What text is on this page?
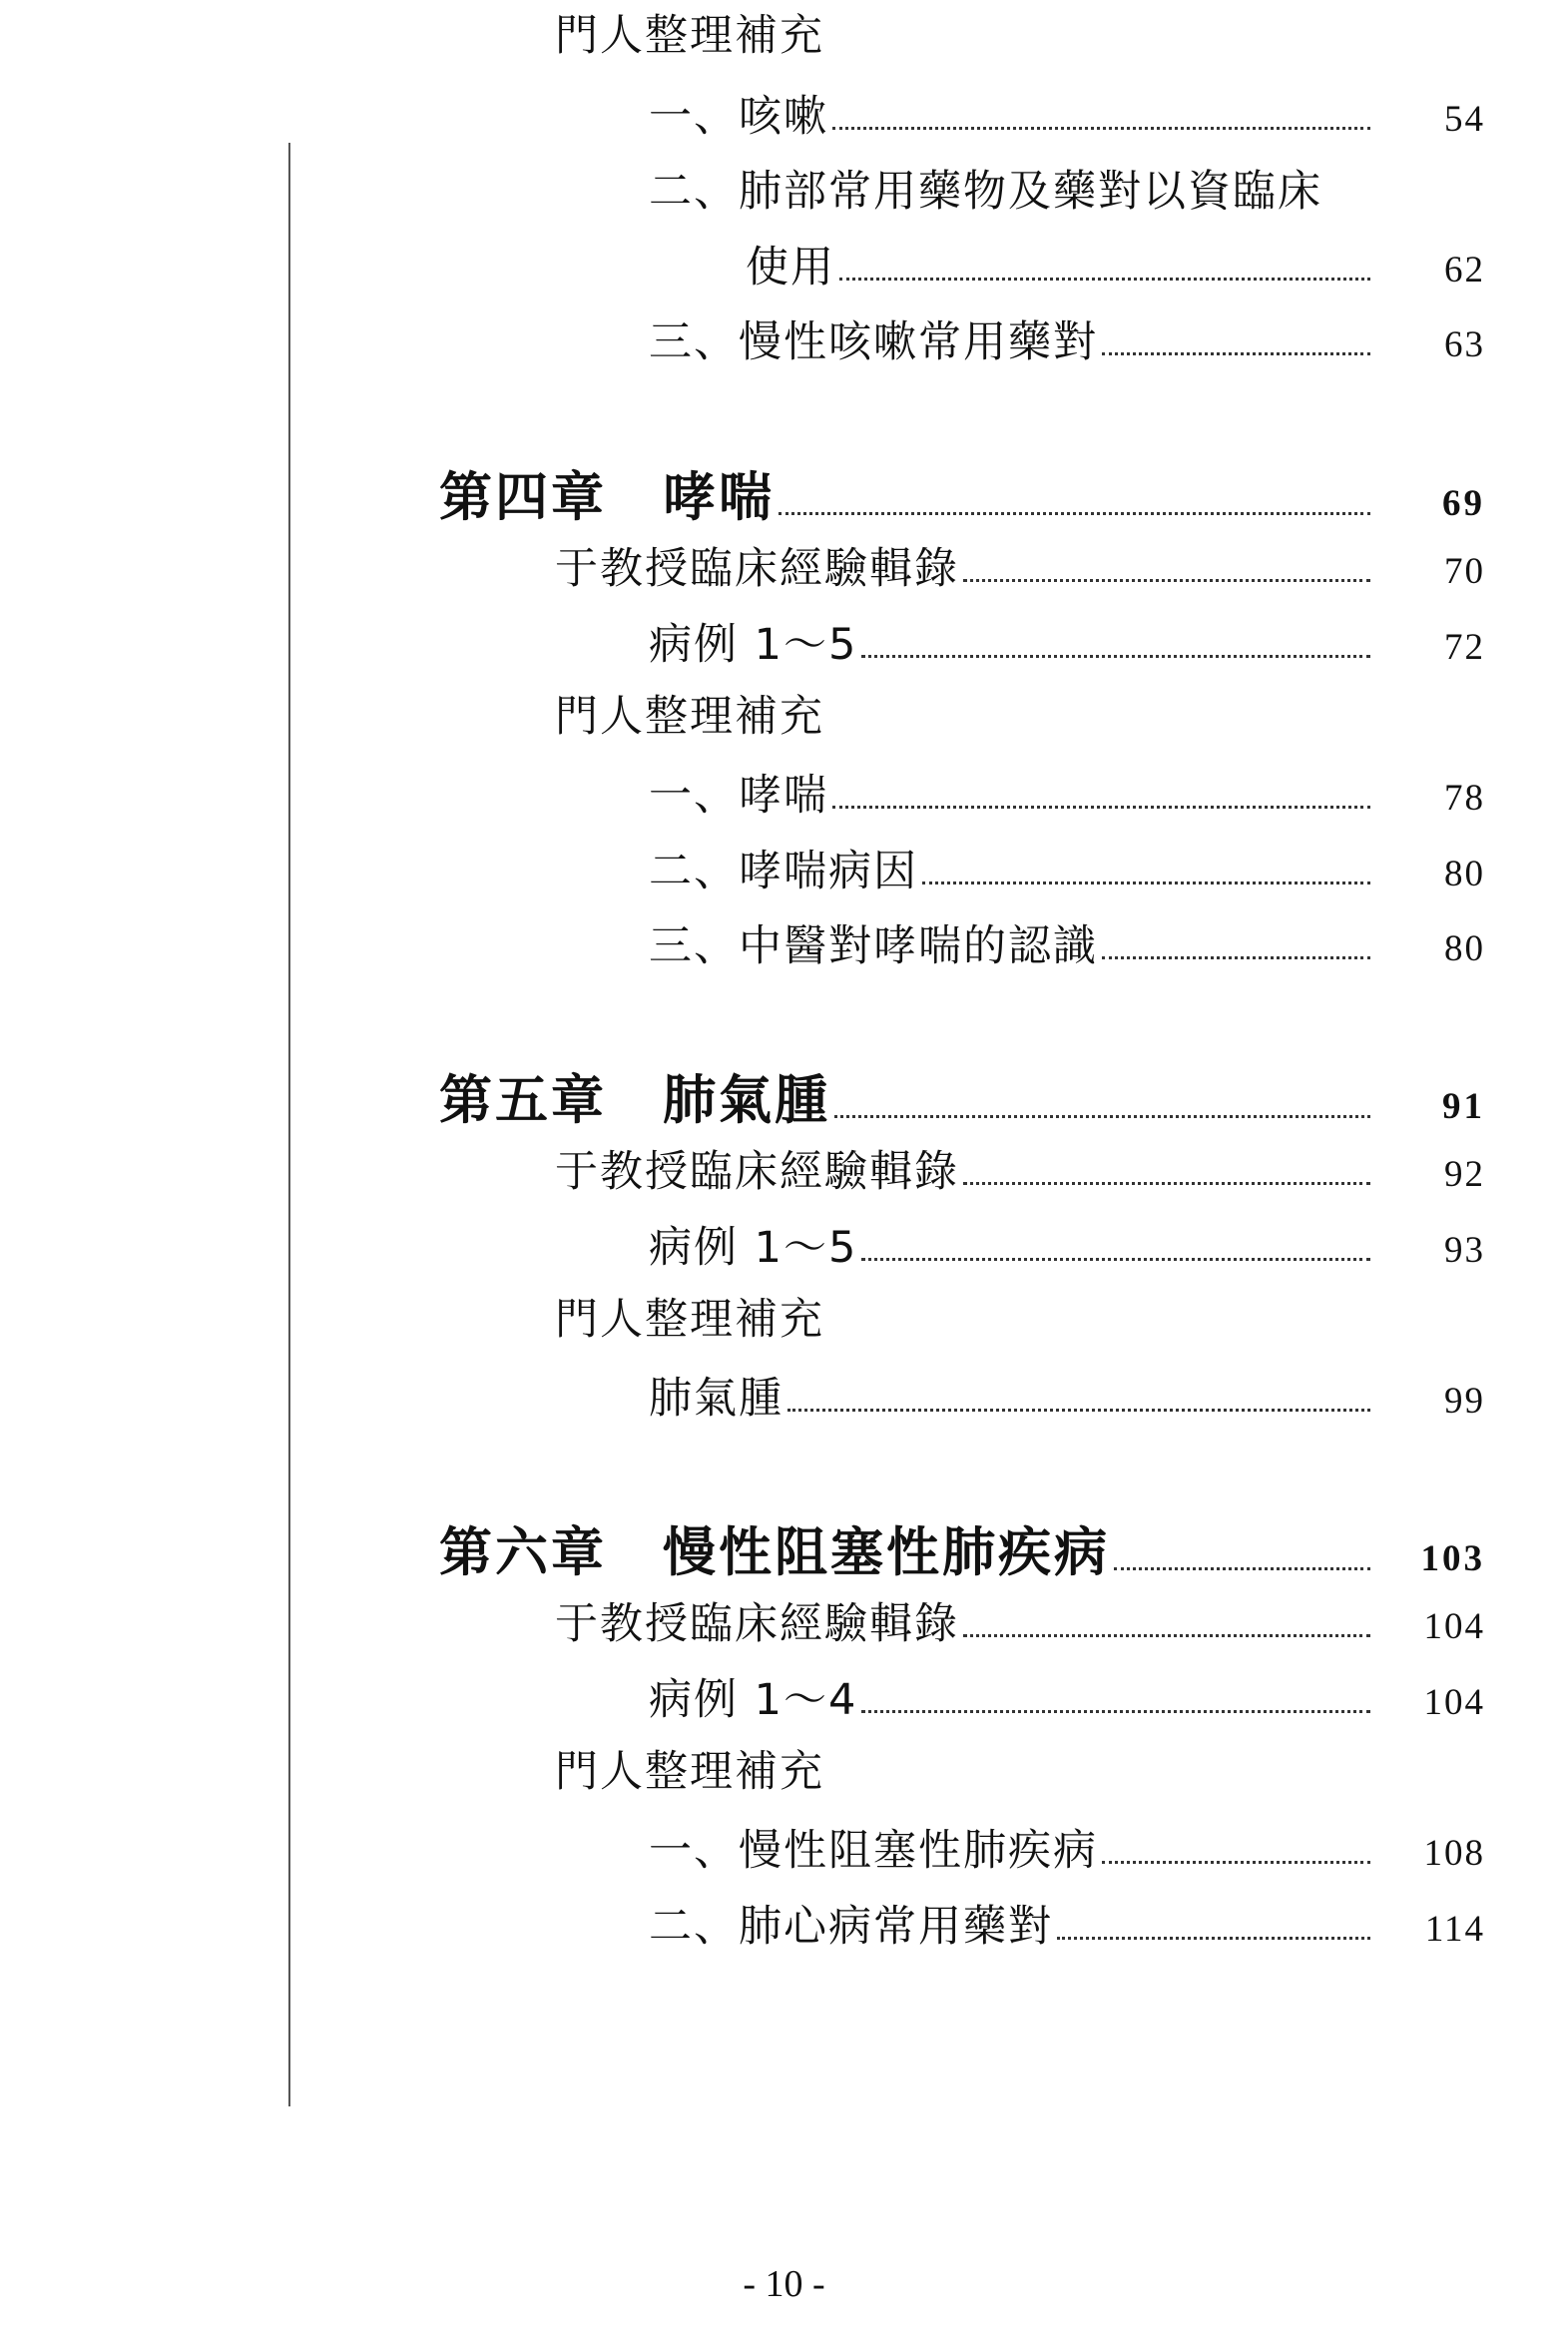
門人整理補充
一、咳嗽	54
二、肺部常用藥物及藥對以資臨床
使用	62
三、慢性咳嗽常用藥對	63
第四章　哮喘	69
于教授臨床經驗輯錄	70
病例 1～5	72
門人整理補充
一、哮喘	78
二、哮喘病因	80
三、中醫對哮喘的認識	80
第五章　肺氣腫	91
于教授臨床經驗輯錄	92
病例 1～5	93
門人整理補充
肺氣腫	99
第六章　慢性阻塞性肺疾病	103
于教授臨床經驗輯錄	104
病例 1～4	104
門人整理補充
一、慢性阻塞性肺疾病	108
二、肺心病常用藥對	114
- 10 -
